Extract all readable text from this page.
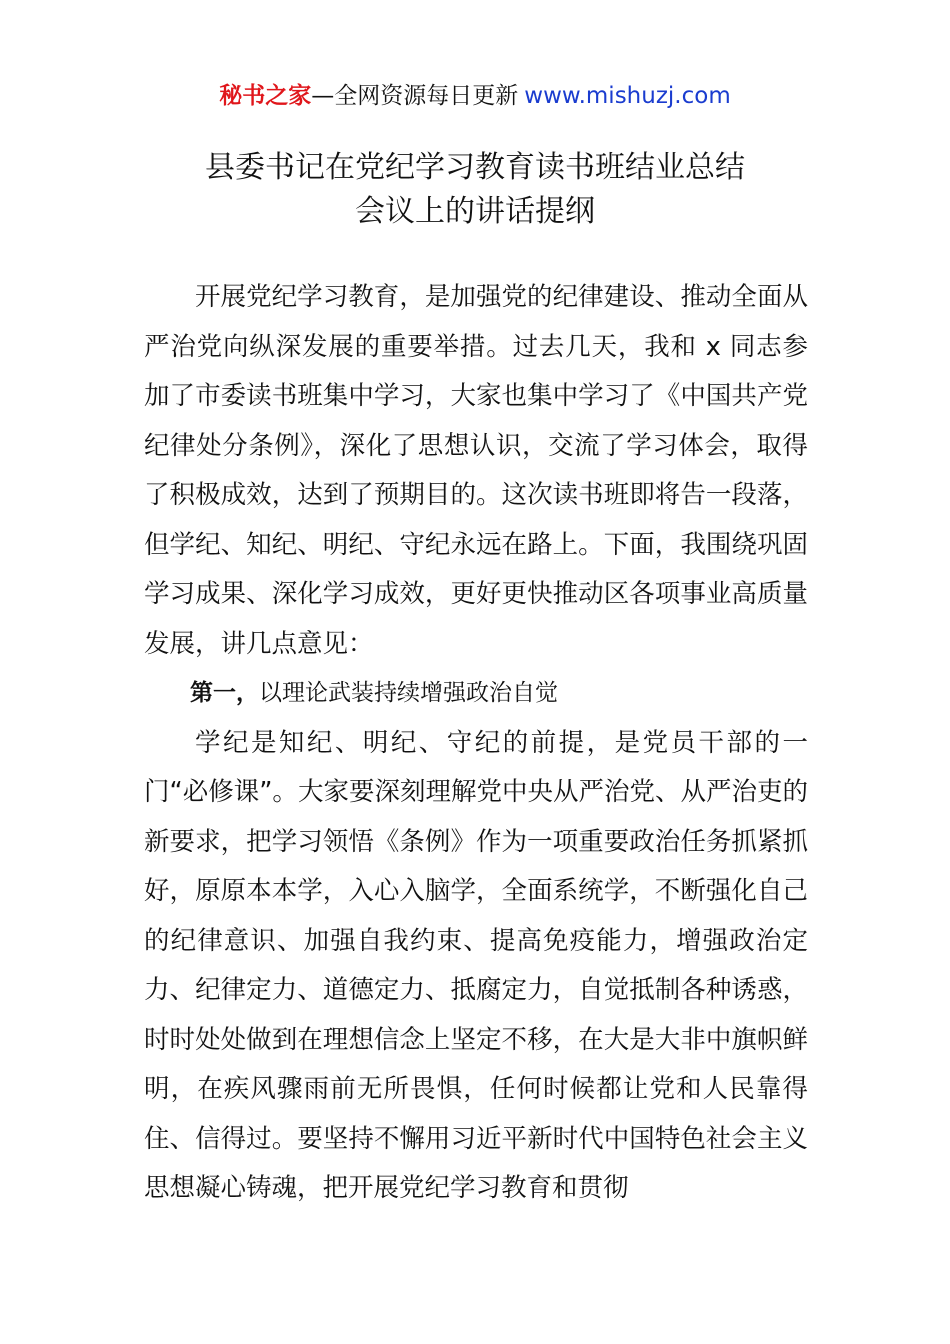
秘书之家—全网资源每日更新 www.mishuzj.com
县委书记在党纪学习教育读书班结业总结
会议上的讲话提纲

开展党纪学习教育，是加强党的纪律建设、推动全面从严治党向纵深发展的重要举措。过去几天，我和 x 同志参加了市委读书班集中学习，大家也集中学习了《中国共产党纪律处分条例》，深化了思想认识，交流了学习体会，取得了积极成效，达到了预期目的。这次读书班即将告一段落，但学纪、知纪、明纪、守纪永远在路上。下面，我围绕巩固学习成果、深化学习成效，更好更快推动区各项事业高质量发展，讲几点意见：

第一，以理论武装持续增强政治自觉

学纪是知纪、明纪、守纪的前提，是党员干部的一门“必修课”。大家要深刻理解党中央从严治党、从严治吏的新要求，把学习领悟《条例》作为一项重要政治任务抓紧抓好，原原本本学，入心入脑学，全面系统学，不断强化自己的纪律意识、加强自我约束、提高免疫能力，增强政治定力、纪律定力、道德定力、抵腐定力，自觉抵制各种诱惑，时时处处做到在理想信念上坚定不移，在大是大非中旗帜鲜明，在疾风骤雨前无所畏惧，任何时候都让党和人民靠得住、信得过。要坚持不懈用习近平新时代中国特色社会主义思想凝心铸魂，把开展党纪学习教育和贯彻
